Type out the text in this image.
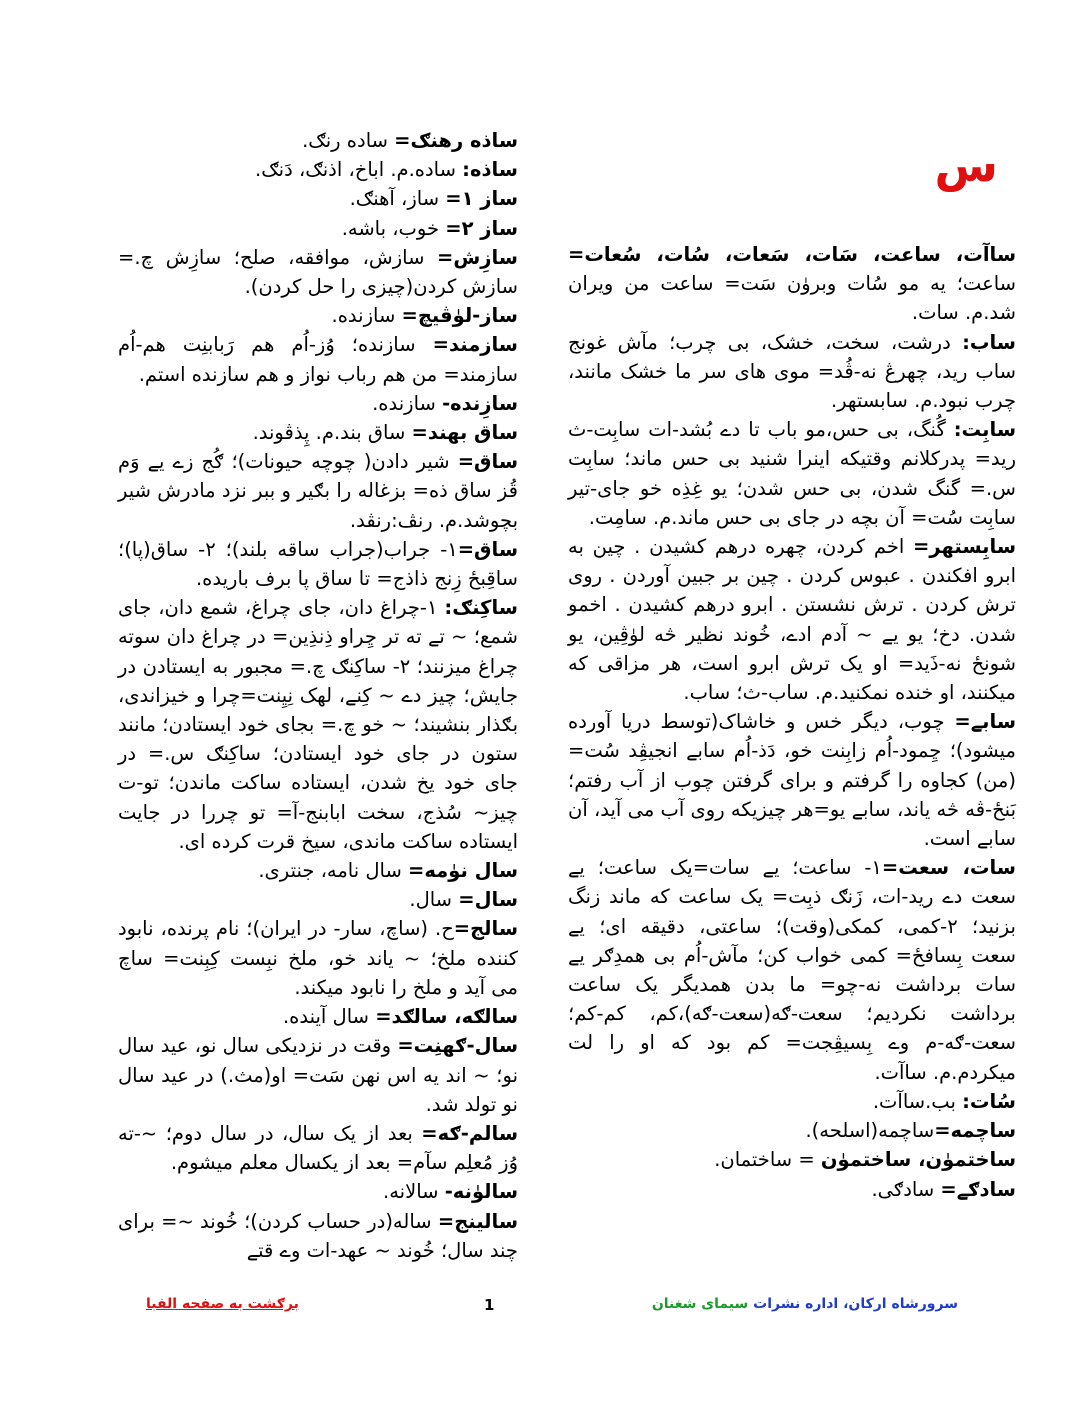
س

ساآت، ساعت، سَات، سَعات، سُات، سُعات= ساعت؛ یه مو سُات وبرۈن سَت= ساعت من ویران شد.م. سات.

ساب: درشت، سخت، خشک، بی چرب؛ مآش غونج ساب رید، چهرڠ نه-ڤُد= موی های سر ما خشک مانند، چرب نبود.م. سابستهر.

سابِت: گُنگ، بی حس،مو باب تا دے بُشد-ات سابِت-ث رید= پدرکلانم وقتیکه اینرا شنید بی حس ماند؛ سابِت س.= گنگ شدن، بی حس شدن؛ یو غِذِه خو جای-تیر سابِت سُت= آن بچه در جای بی حس ماند.م. سامِت.

سابِستهر= اخم کردن، چهره درهم کشیدن . چین به ابرو افکندن . عبوس کردن . چین بر جبین آوردن . روی ترش کردن . ترش نشستن . ابرو درهم کشیدن . اخمو شدن. دخ؛ یو یے ~ آدم ادے، خُوند نظیر څه لۈڤِین، یو شونځ نه-ذَید= او یک ترش ابرو است، هر مزاقی که میکنند، او خنده نمکنید.م. ساب-ث؛ ساب.

سابے= چوب، دیگر خس و خاشاک(توسط دریا آورده میشود)؛ ڃِمود-اُم زابِنت خو، دَذ-اُم سابے انجیڤِد سُت=(من) کجاوه را گرفتم و برای گرفتن چوب از آب رفتم؛ بَنځ-ڤه څه یاند، سابے یو=هر چیزیکه روی آب می آید، آن سابے است.

سات، سعت=۱- ساعت؛ یے سات=یک ساعت؛ یے سعت دے رید-ات، زَنګ ذبِت= یک ساعت که ماند زنگ بزنید؛ ۲-کمی، کمکی(وقت)؛ ساعتی، دقیقه ای؛ یے سعت بِسافځ= کمی خواب کن؛ مآش-اُم بی همدِګر یے سات برداشت نه-چو= ما بدن همدیگر یک ساعت برداشت نکردیم؛ سعت-ګه(سعت-ګه)،کم، کم-کم؛ سعت-ګه-م وے بِسیڤِجت= کم بود که او را لت میکردم.م. ساآت.

سُات: بب.ساآت.

ساچمه=ساچمه(اسلحه).

ساختمۈن، ساختمۈن = ساختمان.

سادګے= سادګی.

ساذه رهنګ= ساده رنګ.

ساذه: ساده.م. اباخ، اذنګ، دَنګ.

ساز ۱= ساز، آهنګ.

ساز ۲= خوب، باشه.

سازِش= سازش، موافقه، صلح؛ سازِش چ.= سازش کردن(چیزی را حل کردن).

ساز-لۈڤیچ= سازنده.

سازمند= سازنده؛ وُز-اُم هم رَبابنِت هم-اُم سازمند= من هم رباب نواز و هم سازنده استم.

سازِنده- سازنده.

ساق بهند= ساق بند.م. پِذڤوند.

ساق= شیر دادن( چوچه حیونات)؛ ګُج زے یے وَم قُز ساق ذه= بزغاله را بګیر و ببر نزد مادرش شیر بچوشد.م. رنڤ:رنڤد.

ساق=۱- جراب(جراب ساقه بلند)؛ ۲- ساق(پا)؛ ساقِبځ زِنج ذاذج= تا ساق پا برف باریده.

ساکِنګ: ۱-چراغ دان، جای چراغ، شمع دان، جای شمع؛ ~ تے ته تر ڃِراو ذِنذِین= در چراغ دان سوته چراغ میزنند؛ ۲- ساکِنګ چ.= مجبور به ایستادن در جایش؛ چیز دے ~ کِنے، لهک نِیِنت=چرا و خیزاندی، بګذار بنشیند؛ ~ خو چ.= بجای خود ایستادن؛ مانند ستون در جای خود ایستادن؛ ساکِنګ س.= در جای خود یخ شدن، ایستاده ساکت ماندن؛ تو-ت چیز~ سُذج، سخت ابابنج-آ= تو چررا در جایت ایستاده ساکت ماندی، سیخ قرت کرده ای.

سال نۈمه= سال نامه، جنتری.

سال= سال.

سالج=ح. (ساچ، سار- در ایران)؛ نام پرنده، نابود کننده ملخ؛ ~ یاند خو، ملخ نبِست کِبِنت= ساچ می آید و ملخ را نابود میکند.

سالګه، سالګد= سال آینده.

سال-ګهنِت= وقت در نزدیکی سال نو، عید سال نو؛ ~ اند یه اس نهن سَت= او(مث.) در عید سال نو تولد شد.

سالم-ګه= بعد از یک سال، در سال دوم؛ ~-ته وُز مُعلِم سآم= بعد از یکسال معلم میشوم.

سالۈنه- سالانه.

سالینج= ساله(در حساب کردن)؛ خُوند ~= برای چند سال؛ خُوند ~ عهد-ات وے قتے

سرورشاه ارکان، اداره نشرات سیمای شغنان
1
برګشت به صفحه الفبا
